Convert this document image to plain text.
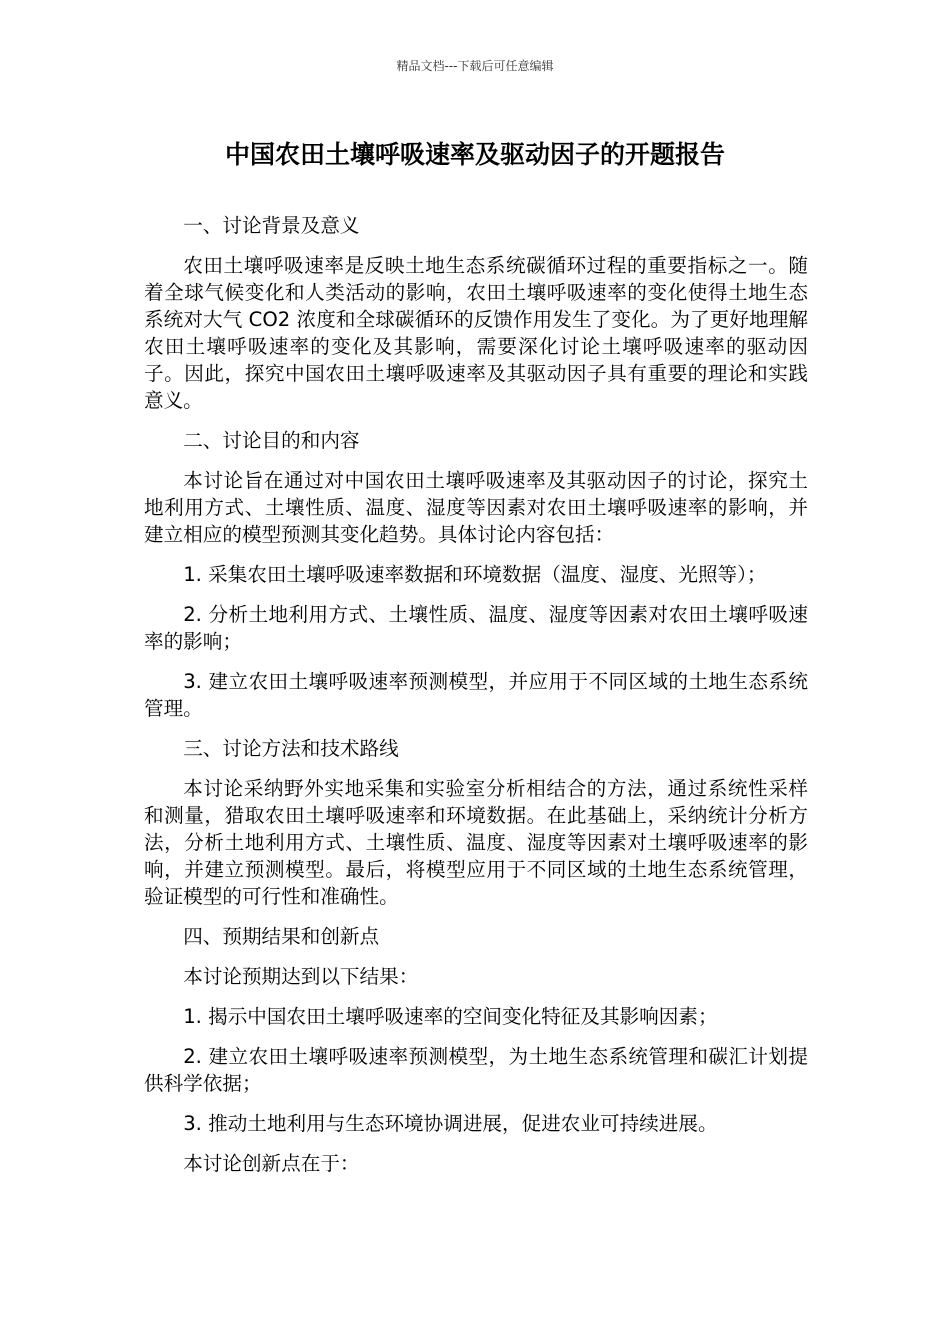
精品文档---下载后可任意编辑
中国农田土壤呼吸速率及驱动因子的开题报告

一、讨论背景及意义

农田土壤呼吸速率是反映土地生态系统碳循环过程的重要指标之一。随着全球气候变化和人类活动的影响，农田土壤呼吸速率的变化使得土地生态系统对大气 CO2 浓度和全球碳循环的反馈作用发生了变化。为了更好地理解农田土壤呼吸速率的变化及其影响，需要深化讨论土壤呼吸速率的驱动因子。因此，探究中国农田土壤呼吸速率及其驱动因子具有重要的理论和实践意义。

二、讨论目的和内容

本讨论旨在通过对中国农田土壤呼吸速率及其驱动因子的讨论，探究土地利用方式、土壤性质、温度、湿度等因素对农田土壤呼吸速率的影响，并建立相应的模型预测其变化趋势。具体讨论内容包括：

1. 采集农田土壤呼吸速率数据和环境数据（温度、湿度、光照等）；

2. 分析土地利用方式、土壤性质、温度、湿度等因素对农田土壤呼吸速率的影响；

3. 建立农田土壤呼吸速率预测模型，并应用于不同区域的土地生态系统管理。

三、讨论方法和技术路线

本讨论采纳野外实地采集和实验室分析相结合的方法，通过系统性采样和测量，猎取农田土壤呼吸速率和环境数据。在此基础上，采纳统计分析方法，分析土地利用方式、土壤性质、温度、湿度等因素对土壤呼吸速率的影响，并建立预测模型。最后，将模型应用于不同区域的土地生态系统管理，验证模型的可行性和准确性。

四、预期结果和创新点

本讨论预期达到以下结果：

1. 揭示中国农田土壤呼吸速率的空间变化特征及其影响因素；

2. 建立农田土壤呼吸速率预测模型，为土地生态系统管理和碳汇计划提供科学依据；

3. 推动土地利用与生态环境协调进展，促进农业可持续进展。

本讨论创新点在于：
